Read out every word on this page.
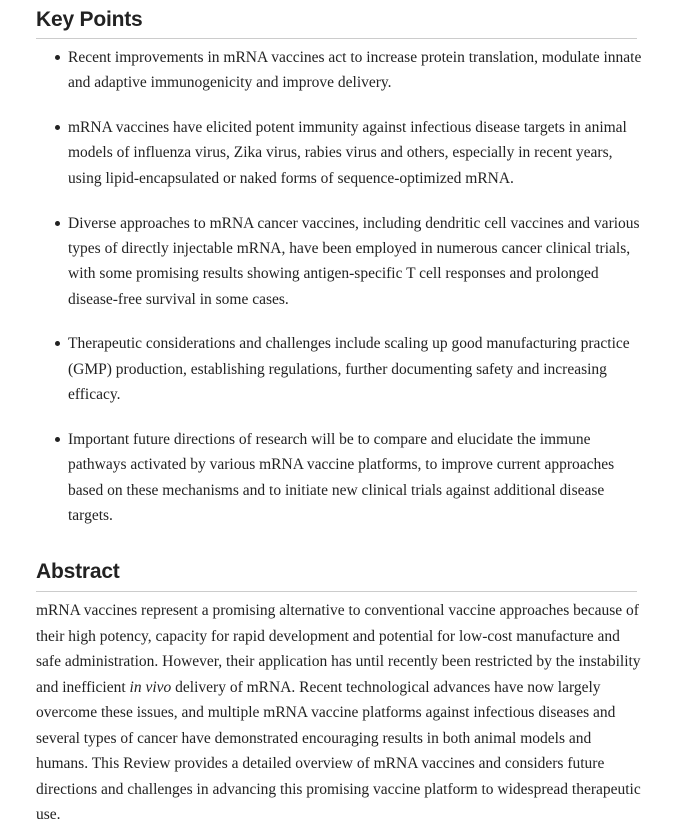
Key Points
Recent improvements in mRNA vaccines act to increase protein translation, modulate innate and adaptive immunogenicity and improve delivery.
mRNA vaccines have elicited potent immunity against infectious disease targets in animal models of influenza virus, Zika virus, rabies virus and others, especially in recent years, using lipid-encapsulated or naked forms of sequence-optimized mRNA.
Diverse approaches to mRNA cancer vaccines, including dendritic cell vaccines and various types of directly injectable mRNA, have been employed in numerous cancer clinical trials, with some promising results showing antigen-specific T cell responses and prolonged disease-free survival in some cases.
Therapeutic considerations and challenges include scaling up good manufacturing practice (GMP) production, establishing regulations, further documenting safety and increasing efficacy.
Important future directions of research will be to compare and elucidate the immune pathways activated by various mRNA vaccine platforms, to improve current approaches based on these mechanisms and to initiate new clinical trials against additional disease targets.
Abstract

mRNA vaccines represent a promising alternative to conventional vaccine approaches because of their high potency, capacity for rapid development and potential for low-cost manufacture and safe administration. However, their application has until recently been restricted by the instability and inefficient in vivo delivery of mRNA. Recent technological advances have now largely overcome these issues, and multiple mRNA vaccine platforms against infectious diseases and several types of cancer have demonstrated encouraging results in both animal models and humans. This Review provides a detailed overview of mRNA vaccines and considers future directions and challenges in advancing this promising vaccine platform to widespread therapeutic use.
